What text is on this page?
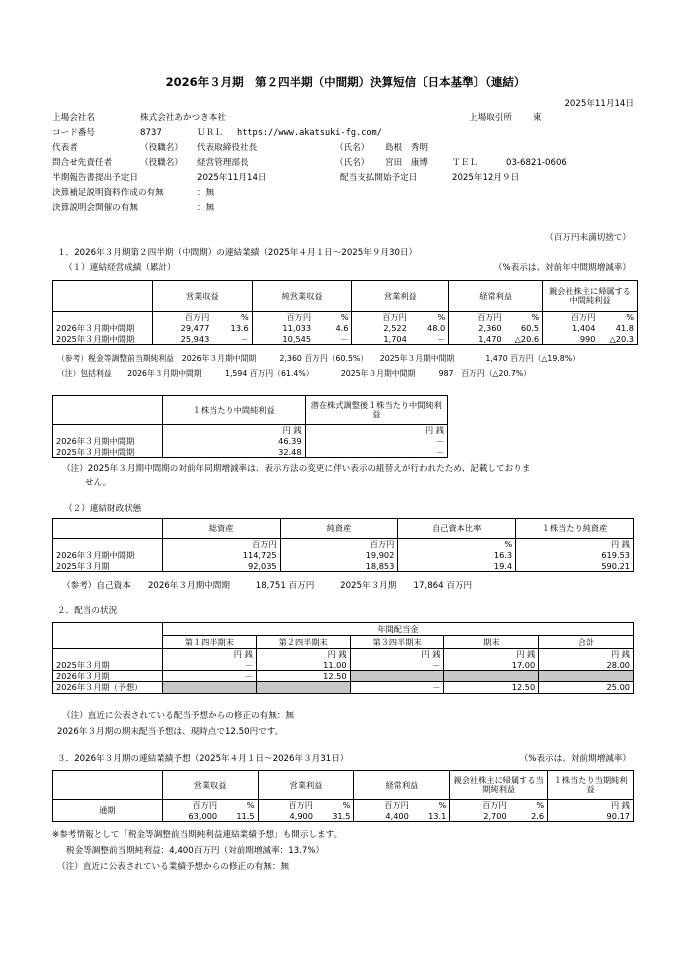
2026年３月期　第２四半期（中間期）決算短信〔日本基準〕（連結）
2025年11月14日
上場会社名	株式会社あかつき本社	上場取引所 東
コード番号	8737	ＵＲＬ https://www.akatsuki-fg.com/
代表者	（役職名） 代表取締役社長	（氏名） 島根　秀明
問合せ先責任者	（役職名） 経営管理部長	（氏名） 宮田　康博	ＴＥＬ	03-6821-0606
半期報告書提出予定日	2025年11月14日	配当支払開始予定日	2025年12月９日
決算補足説明資料作成の有無	：無
決算説明会開催の有無	：無
（百万円未満切捨て）
１．2026年３月期第２四半期（中間期）の連結業績（2025年４月１日～2025年９月30日）
（１）連結経営成績（累計）	（%表示は、対前年中間期増減率）
	営業収益		純営業収益		営業利益		経常利益		親会社株主に帰属する中間純利益	
	百万円	%	百万円	%	百万円	%	百万円	%	百万円	%
2026年３月期中間期	29,477	13.6	11,033	4.6	2,522	48.0	2,360	60.5	1,404	41.8
2025年３月期中間期	25,943	－	10,545	－	1,704	－	1,470	△20.6	990	△20.3
（参考）税金等調整前当期純利益　2026年３月期中間期　　　2,360 百万円（60.5%）　　2025年３月期中間期　　　　1,470 百万円（△19.8%）
（注）包括利益　　2026年３月期中間期　　　1,594 百万円（61.4%）　　　　2025年３月期中間期　　　987　百万円（△20.7%）
	１株当たり中間純利益	潜在株式調整後１株当たり中間純利益
	円 銭	円 銭
2026年３月期中間期	46.39	－
2025年３月期中間期	32.48	－
（注）2025年３月期中間期の対前年同期増減率は、表示方法の変更に伴い表示の組替えが行われたため、記載しておりま
せん。
（２）連結財政状態
	総資産	純資産	自己資本比率	１株当たり純資産
	百万円	百万円	%	円 銭
2026年３月期中間期	114,725	19,902	16.3	619.53
2025年３月期	92,035	18,853	19.4	590.21
（参考）自己資本　　2026年３月期中間期　　　18,751 百万円　　　2025年３月期　　17,864 百万円
２．配当の状況
	年間配当金				
	第１四半期末	第２四半期末	第３四半期末	期末	合計
	円 銭	円 銭	円 銭	円 銭	円 銭
2025年３月期	－	11.00	－	17.00	28.00
2026年３月期	－	12.50			
2026年３月期（予想）			－	12.50	25.00
（注）直近に公表されている配当予想からの修正の有無：無
2026年３月期の期末配当予想は、現時点で12.50円です。
３．2026年３月期の連結業績予想（2025年４月１日～2026年３月31日）	（%表示は、対前期増減率）
	営業収益		営業利益		経常利益		親会社株主に帰属する当期純利益		１株当たり当期純利益
通期	百万円	%	百万円	%	百万円	%	百万円	%	円 銭
	63,000	11.5	4,900	31.5	4,400	13.1	2,700	2.6	90.17
※参考情報として「税金等調整前当期純利益連結業績予想」も開示します。
税金等調整前当期純利益：4,400百万円（対前期増減率：13.7%）
（注）直近に公表されている業績予想からの修正の有無：無
